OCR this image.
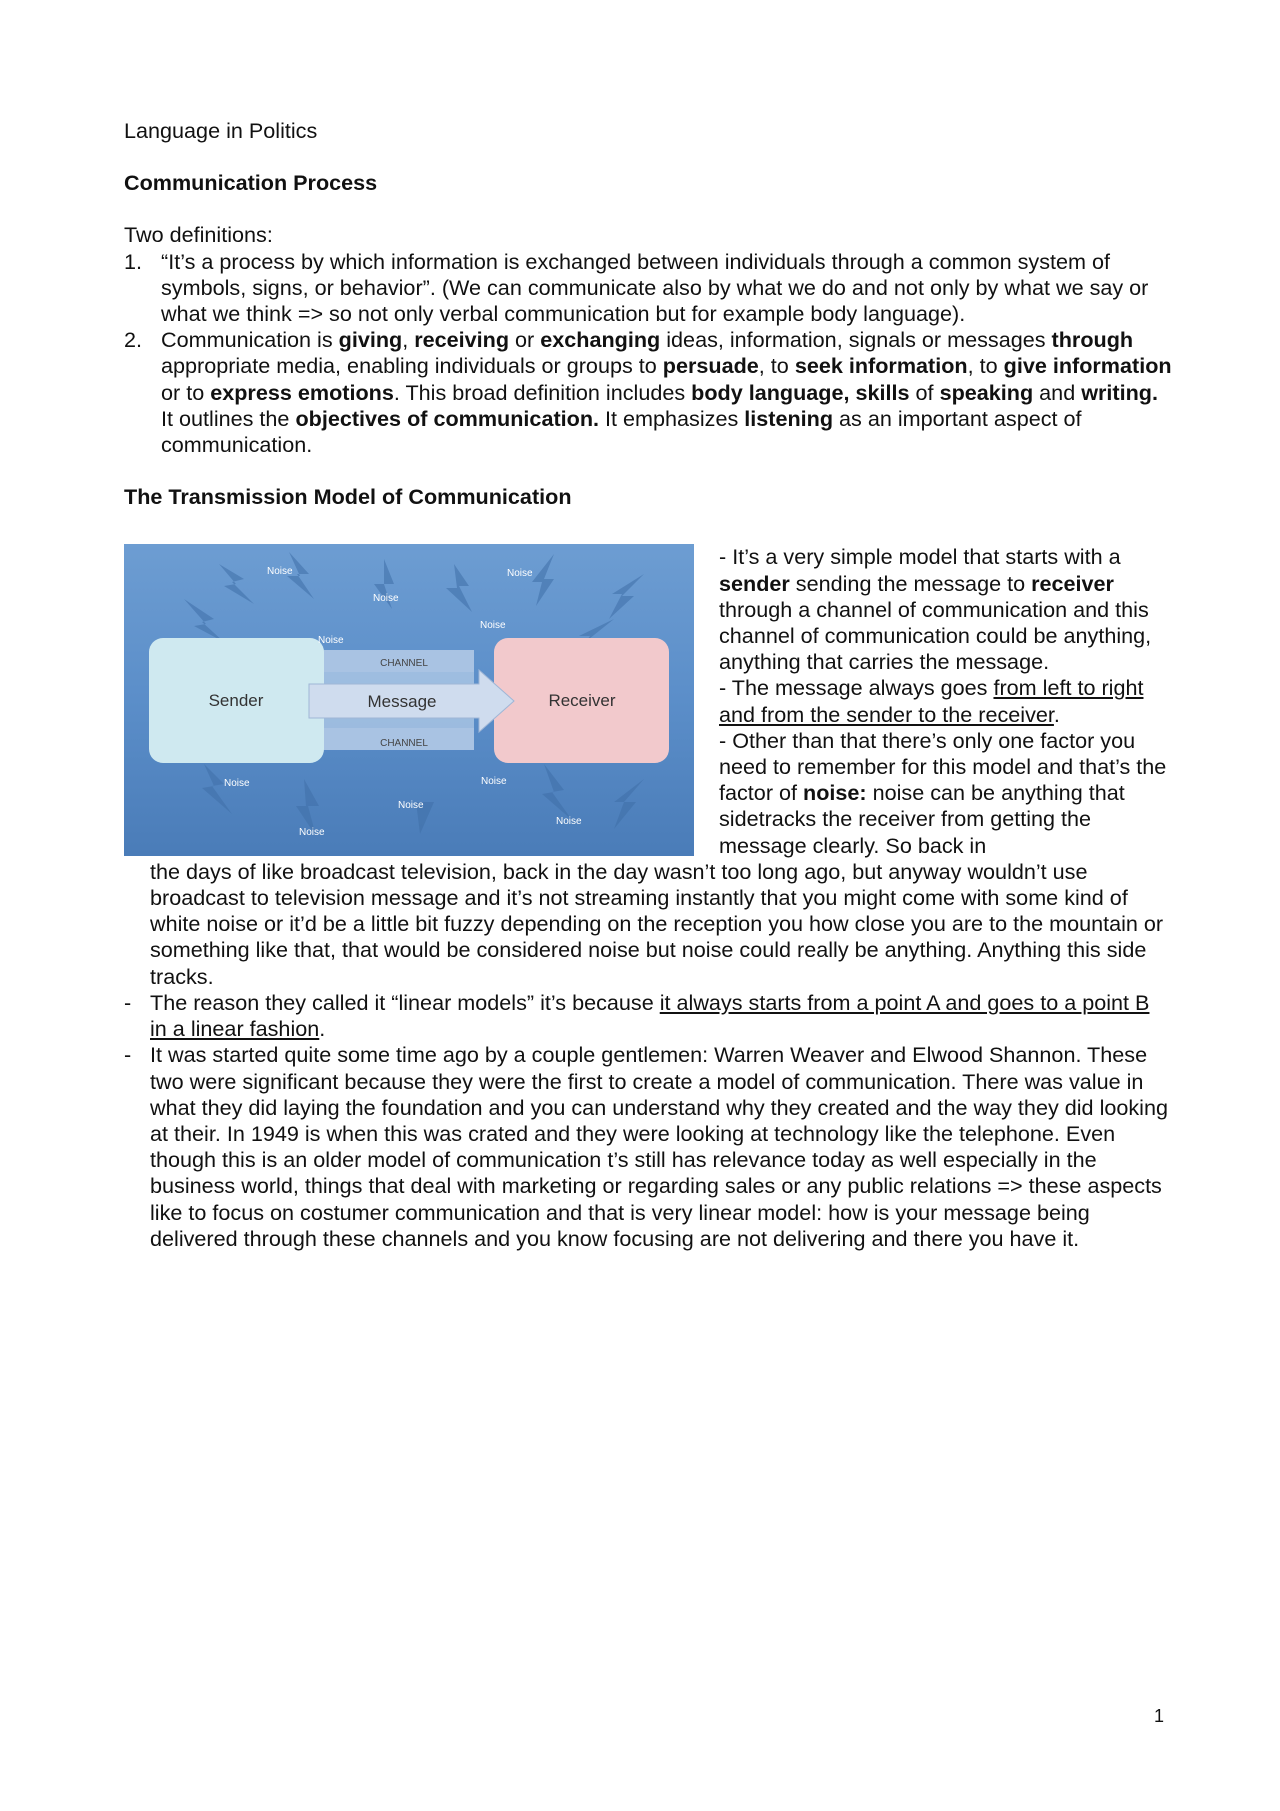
Language in Politics

Communication Process

Two definitions:

1. “It’s a process by which information is exchanged between individuals through a common system of symbols, signs, or behavior”. (We can communicate also by what we do and not only by what we say or what we think => so not only verbal communication but for example body language).
2. Communication is giving, receiving or exchanging ideas, information, signals or messages through appropriate media, enabling individuals or groups to persuade, to seek information, to give information or to express emotions. This broad definition includes body language, skills of speaking and writing. It outlines the objectives of communication. It emphasizes listening as an important aspect of communication.

The Transmission Model of Communication

Sender	Message	Receiver
CHANNEL
CHANNEL
Noise	Noise
Noise
Noise
Noise
Noise	Noise
Noise
Noise
Noise

- It’s a very simple model that starts with a sender sending the message to receiver through a channel of communication and this channel of communication could be anything, anything that carries the message.

- The message always goes from left to right and from the sender to the receiver.

- Other than that there’s only one factor you need to remember for this model and that’s the factor of noise: noise can be anything that sidetracks the receiver from getting the message clearly. So back in

the days of like broadcast television, back in the day wasn’t too long ago, but anyway wouldn’t use broadcast to television message and it’s not streaming instantly that you might come with some kind of white noise or it’d be a little bit fuzzy depending on the reception you how close you are to the mountain or something like that, that would be considered noise but noise could really be anything. Anything this side tracks.

- The reason they called it “linear models” it’s because it always starts from a point A and goes to a point B in a linear fashion.
- It was started quite some time ago by a couple gentlemen: Warren Weaver and Elwood Shannon. These two were significant because they were the first to create a model of communication. There was value in what they did laying the foundation and you can understand why they created and the way they did looking at their. In 1949 is when this was crated and they were looking at technology like the telephone. Even though this is an older model of communication t’s still has relevance today as well especially in the business world, things that deal with marketing or regarding sales or any public relations => these aspects like to focus on costumer communication and that is very linear model: how is your message being delivered through these channels and you know focusing are not delivering and there you have it.
1
